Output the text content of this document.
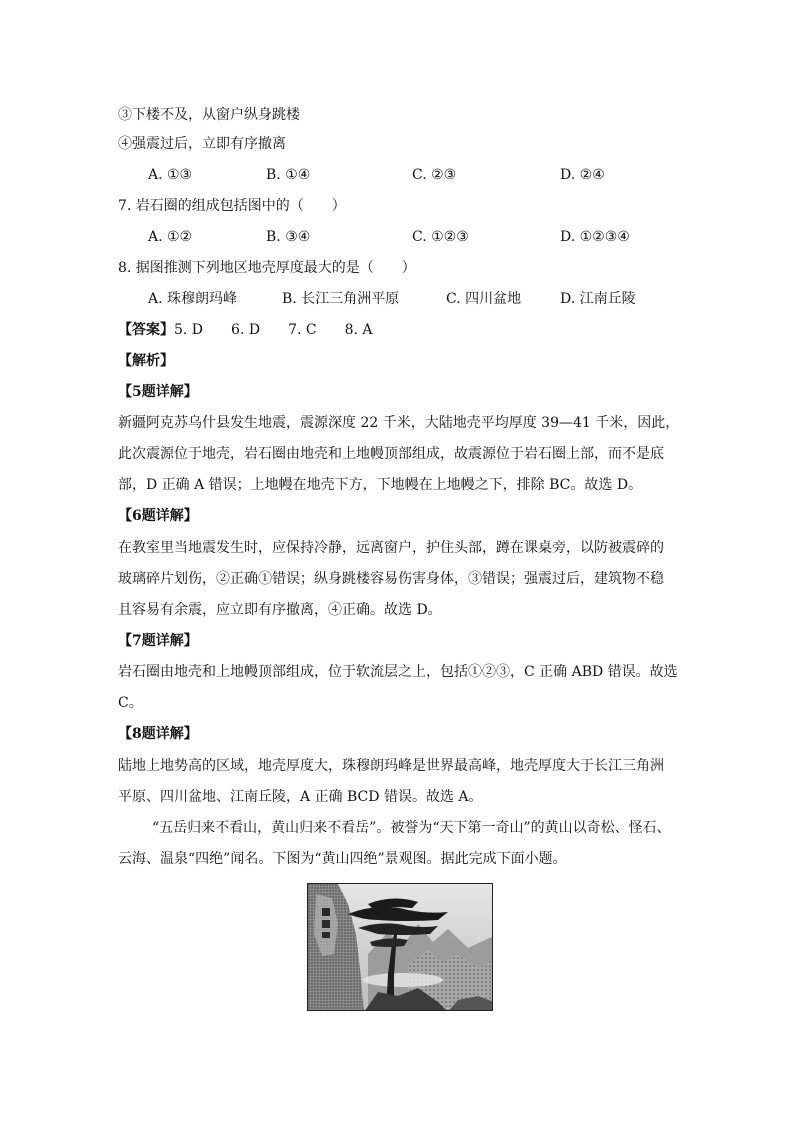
③下楼不及，从窗户纵身跳楼
④强震过后，立即有序撤离
A. ①③	B. ①④	C. ②③	D. ②④
7. 岩石圈的组成包括图中的（　　）
A. ①②	B. ③④	C. ①②③	D. ①②③④
8. 据图推测下列地区地壳厚度最大的是（　　）
A. 珠穆朗玛峰	B. 长江三角洲平原	C. 四川盆地	D. 江南丘陵
【答案】5. D　　6. D　　7. C　　8. A
【解析】
【5题详解】
新疆阿克苏乌什县发生地震，震源深度 22 千米，大陆地壳平均厚度 39—41 千米，因此，
此次震源位于地壳，岩石圈由地壳和上地幔顶部组成，故震源位于岩石圈上部，而不是底
部，D 正确 A 错误；上地幔在地壳下方，下地幔在上地幔之下，排除 BC。故选 D。
【6题详解】
在教室里当地震发生时，应保持冷静，远离窗户，护住头部，蹲在课桌旁，以防被震碎的
玻璃碎片划伤，②正确①错误；纵身跳楼容易伤害身体，③错误；强震过后，建筑物不稳
且容易有余震，应立即有序撤离，④正确。故选 D。
【7题详解】
岩石圈由地壳和上地幔顶部组成，位于软流层之上，包括①②③，C 正确 ABD 错误。故选
C。
【8题详解】
陆地上地势高的区域，地壳厚度大，珠穆朗玛峰是世界最高峰，地壳厚度大于长江三角洲
平原、四川盆地、江南丘陵，A 正确 BCD 错误。故选 A。
“五岳归来不看山，黄山归来不看岳”。被誉为“天下第一奇山”的黄山以奇松、怪石、
云海、温泉“四绝”闻名。下图为“黄山四绝”景观图。据此完成下面小题。
